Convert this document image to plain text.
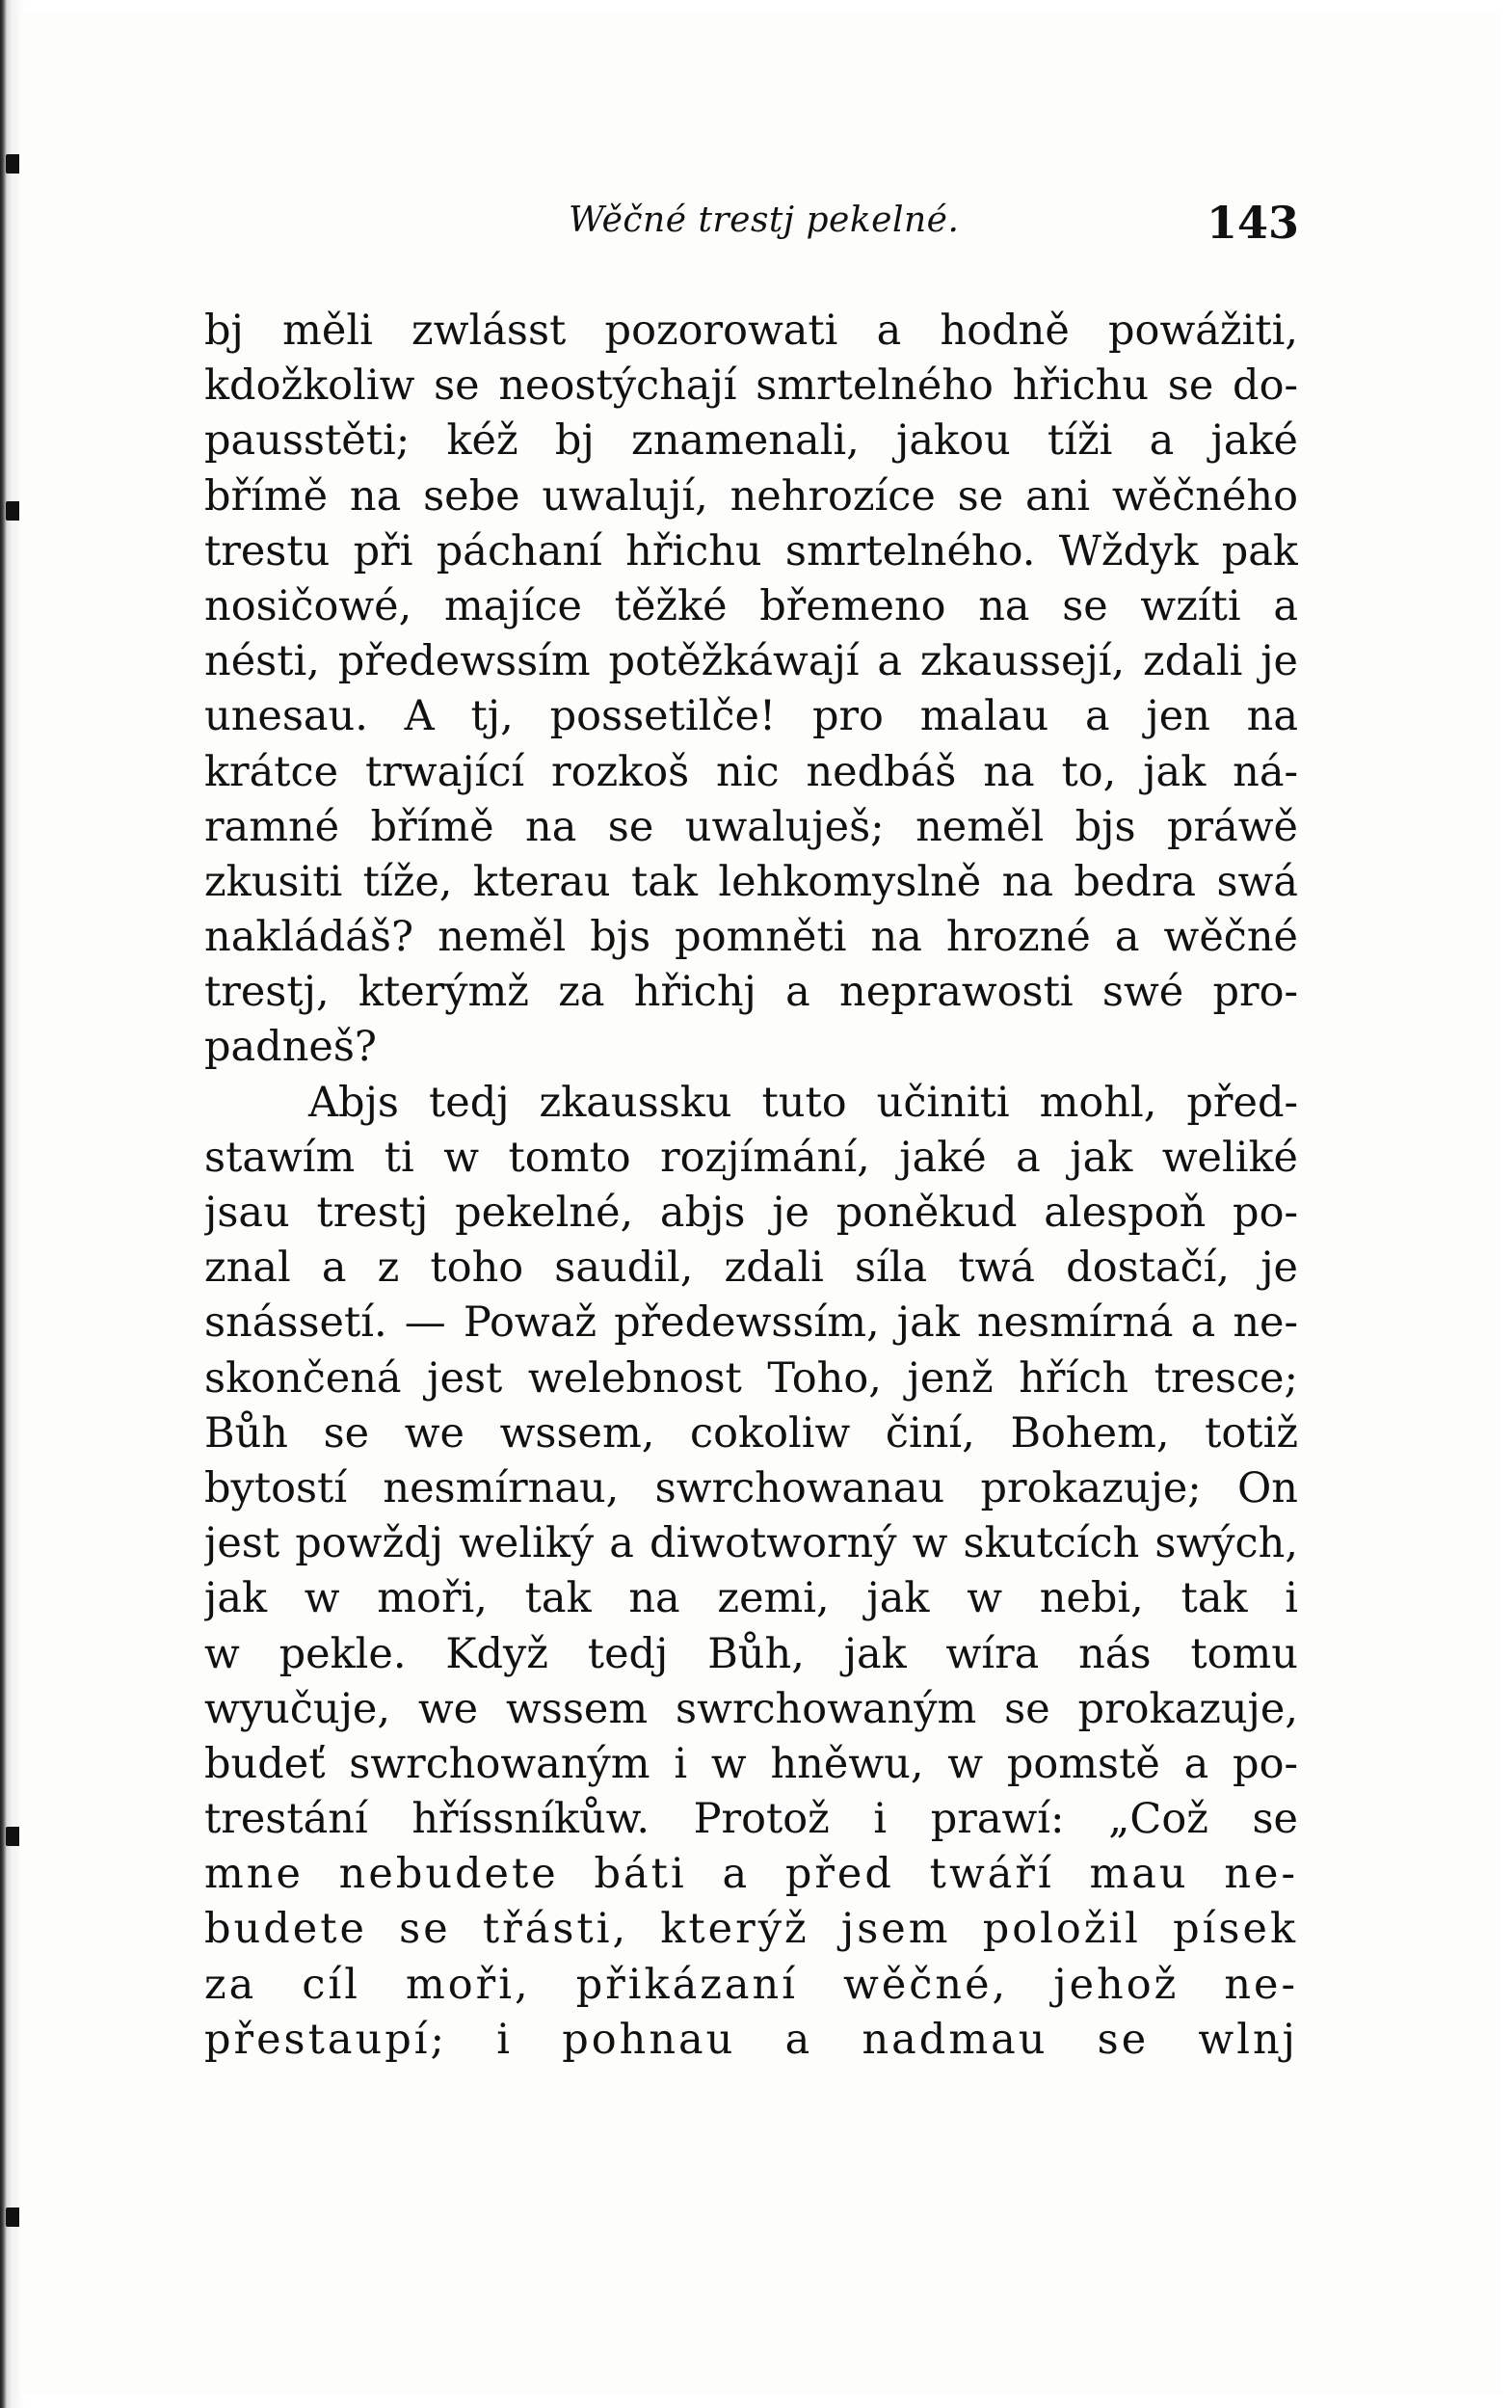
Wěčné trestj pekelné.	143
bj měli zwlásst pozorowati a hodně powážiti,
kdožkoliw se neostýchají smrtelného hřichu se do-
pausstěti; kéž bj znamenali, jakou tíži a jaké
břímě na sebe uwalují, nehrozíce se ani wěčného
trestu při páchaní hřichu smrtelného. Wždyk pak
nosičowé, majíce těžké břemeno na se wzíti a
nésti, předewssím potěžkáwají a zkaussejí, zdali je
unesau. A tj, possetilče! pro malau a jen na
krátce trwající rozkoš nic nedbáš na to, jak ná-
ramné břímě na se uwaluješ; neměl bjs práwě
zkusiti tíže, kterau tak lehkomyslně na bedra swá
nakládáš? neměl bjs pomněti na hrozné a wěčné
trestj, kterýmž za hřichj a neprawosti swé pro-
padneš?
Abjs tedj zkaussku tuto učiniti mohl, před-
stawím ti w tomto rozjímání, jaké a jak weliké
jsau trestj pekelné, abjs je poněkud alespoň po-
znal a z toho saudil, zdali síla twá dostačí, je
snássetí. — Powaž předewssím, jak nesmírná a ne-
skončená jest welebnost Toho, jenž hřích tresce;
Bůh se we wssem, cokoliw činí, Bohem, totiž
bytostí nesmírnau, swrchowanau prokazuje; On
jest powždj weliký a diwotworný w skutcích swých,
jak w moři, tak na zemi, jak w nebi, tak i
w pekle. Když tedj Bůh, jak wíra nás tomu
wyučuje, we wssem swrchowaným se prokazuje,
budeť swrchowaným i w hněwu, w pomstě a po-
trestání hříssníkůw. Protož i prawí: „Což se
mne nebudete báti a před twáří mau ne-
budete se třásti, kterýž jsem položil písek
za cíl moři, přikázaní wěčné, jehož ne-
přestaupí; i pohnau a nadmau se wlnj
